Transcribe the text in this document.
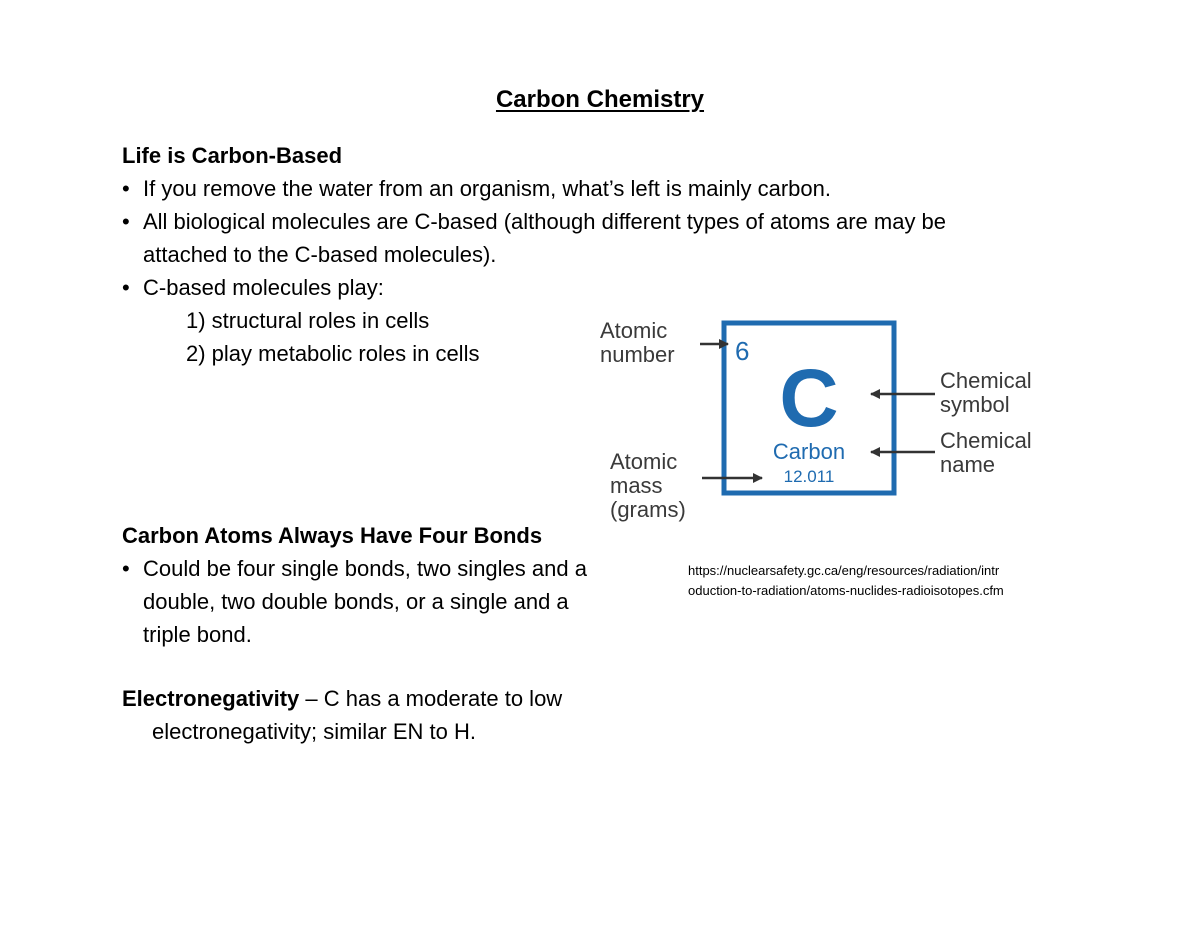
Carbon Chemistry
Life is Carbon-Based
• If you remove the water from an organism, what’s left is mainly carbon.
• All biological molecules are C-based (although different types of atoms are may be
attached to the C-based molecules).
• C-based molecules play:
1) structural roles in cells
2) play metabolic roles in cells	6
C
Carbon
12.011
Atomic
number
Chemical
symbol
Chemical
name
Atomic
mass
(grams)
https://nuclearsafety.gc.ca/eng/resources/radiation/intr
oduction-to-radiation/atoms-nuclides-radioisotopes.cfm
Carbon Atoms Always Have Four Bonds
• Could be four single bonds, two singles and a
double, two double bonds, or a single and a
triple bond.
Electronegativity – C has a moderate to low
electronegativity; similar EN to H.
